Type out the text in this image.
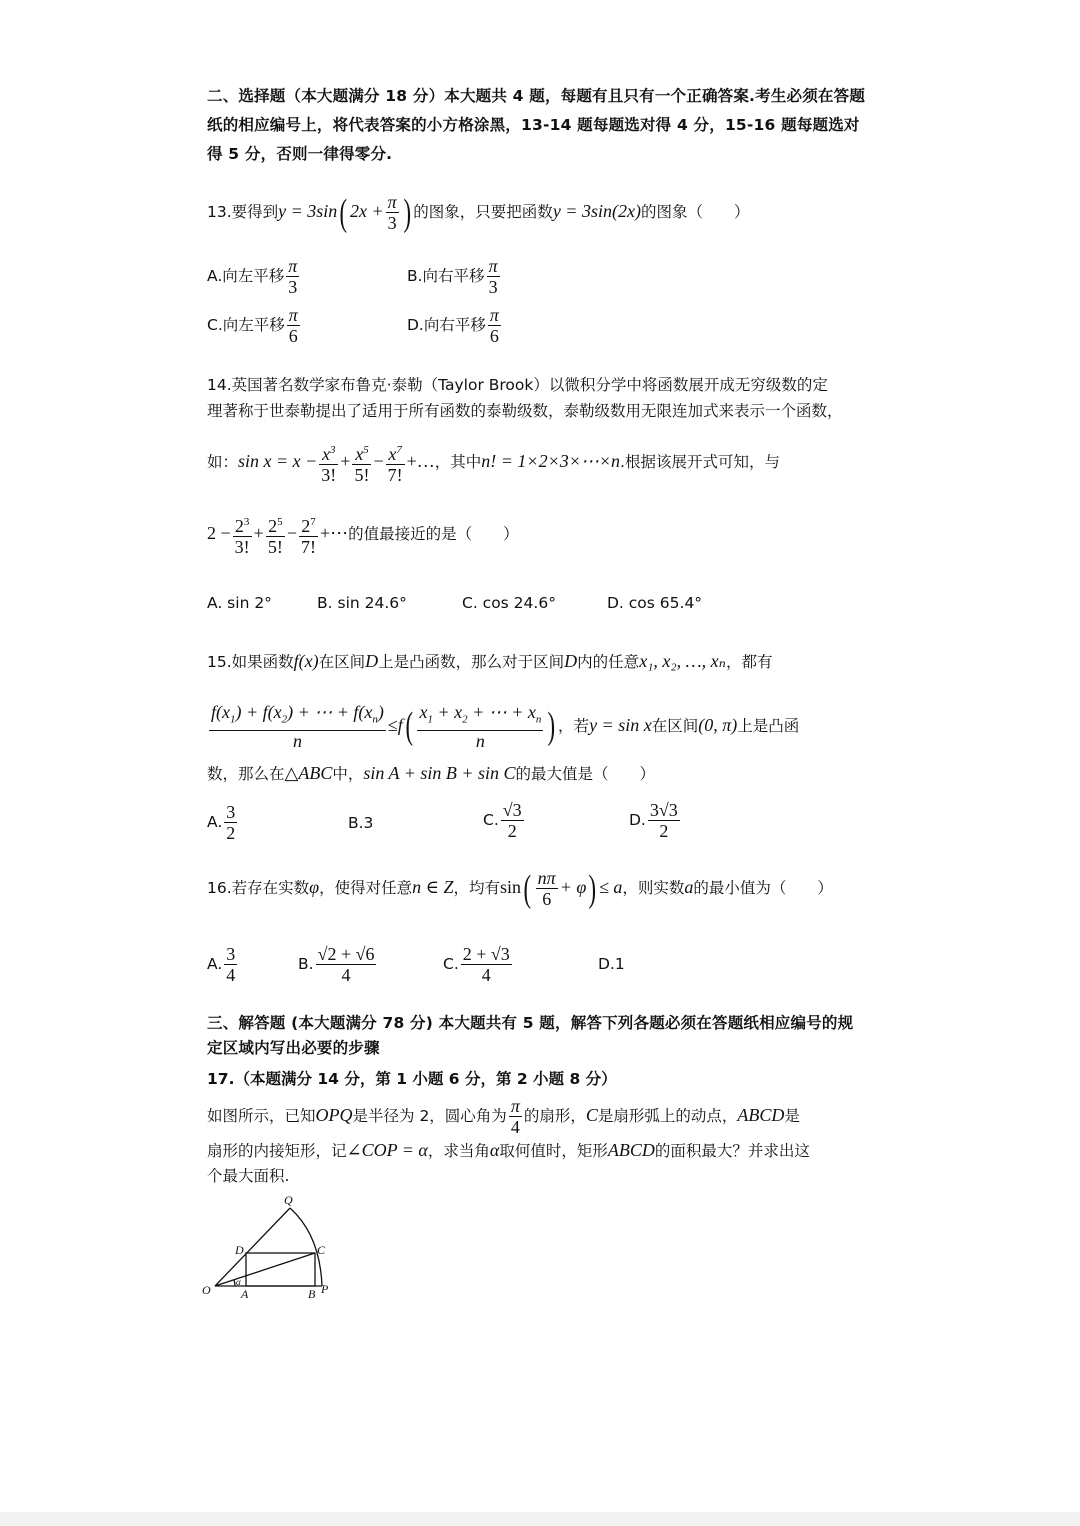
二、选择题（本大题满分 18 分）本大题共 4 题，每题有且只有一个正确答案.考生必须在答题纸的相应编号上，将代表答案的小方格涂黑，13-14 题每题选对得 4 分，15-16 题每题选对得 5 分，否则一律得零分.
13.要得到y = 3sin( $2x + \frac{\pi}{3}$ ) 的图象，只要把函数y = 3sin(2x)的图象（　　）
A.向左平移 $\frac{\pi}{3}$	B.向右平移 $\frac{\pi}{3}$
C.向左平移 $\frac{\pi}{6}$	D.向右平移 $\frac{\pi}{6}$
14.英国著名数学家布鲁克·泰勒（Taylor Brook）以微积分学中将函数展开成无穷级数的定
理著称于世泰勒提出了适用于所有函数的泰勒级数，泰勒级数用无限连加式来表示一个函数，
如：$\sin x = x - \frac{x^3}{3!} + \frac{x^5}{5!} - \frac{x^7}{7!}$ +…，其中n! = 1×2×3×⋯×n.根据该展开式可知，与
$2 - \frac{2^3}{3!} + \frac{2^5}{5!} - \frac{2^7}{7!}$ +⋯的值最接近的是（　　）
A. sin 2°	B. sin 24.6°	C. cos 24.6°	D. cos 65.4°
15.如果函数f(x)在区间D上是凸函数，那么对于区间D内的任意x₁, x₂, …, xₙ，都有
$\frac{f(x_1) + f(x_2) + \cdots + f(x_n)}{n} \le f( \frac{x_1 + x_2 + \cdots + x_n}{n}$ ) ，若y = sin x在区间(0, π)上是凸函
数，那么在△ABC中，sin A + sin B + sin C的最大值是（　　）
A. $\frac{3}{2}$	B.3	C. $\frac{√3}{2}$	D. $\frac{3√3}{2}$
16.若存在实数φ，使得对任意n ∈ Z，均有$\sin( \frac{n\pi}{6} + \varphi) \le a$，则实数a的最小值为（　　）
A. $\frac{3}{4}$	B. $\frac{√2 + √6}{4}$	C. $\frac{2 + √3}{4}$	D.1
三、解答题 (本大题满分 78 分) 本大题共有 5 题，解答下列各题必须在答题纸相应编号的规定区域内写出必要的步骤
17.（本题满分 14 分，第 1 小题 6 分，第 2 小题 8 分）
如图所示，已知OPQ是半径为 2，圆心角为 $\frac{\pi}{4}$ 的扇形，C是扇形弧上的动点，ABCD是
扇形的内接矩形，记∠COP = α，求当角α取何值时，矩形ABCD的面积最大？并求出这
个最大面积.
O	A	B P
Q
C
D
α
